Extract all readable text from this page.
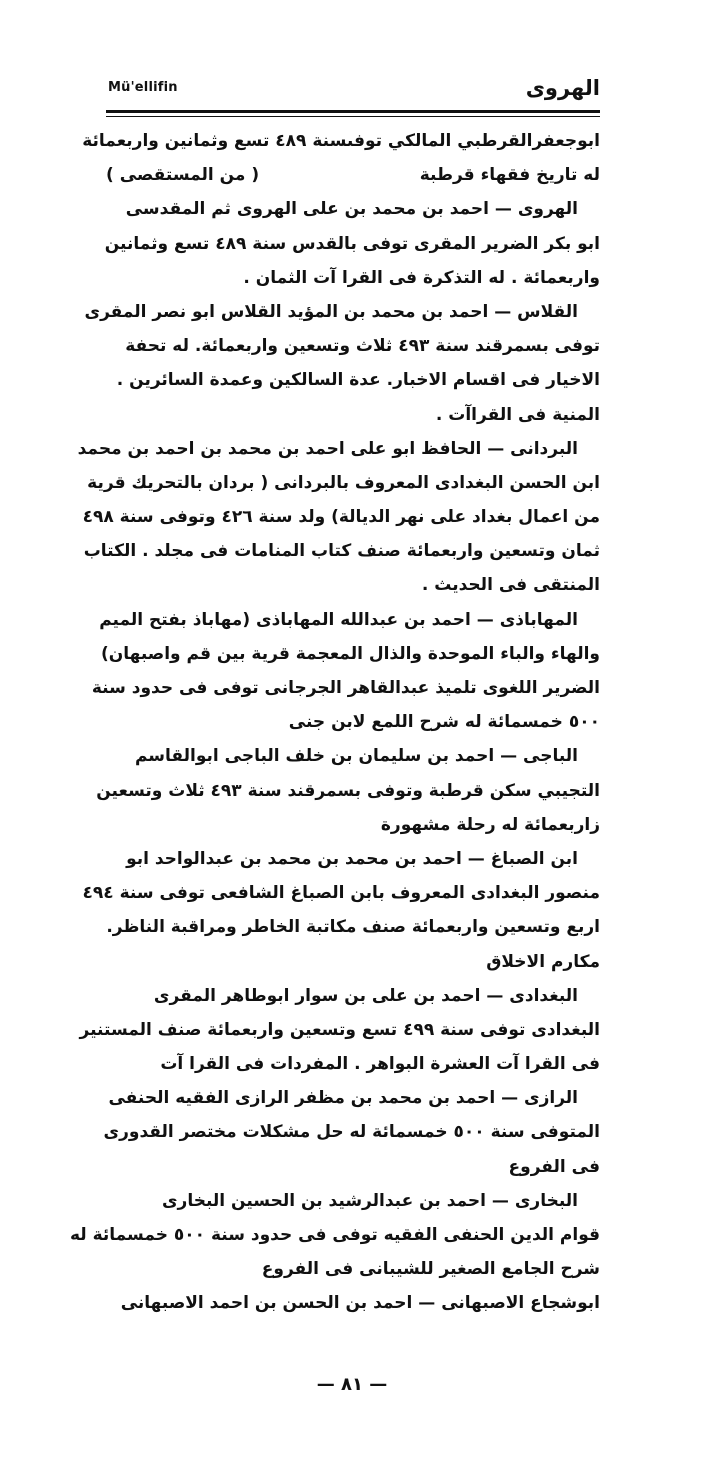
Mü'ellifin	الهروى
ابوجعفرالقرطبي المالكي توفىسنة ٤٨٩ تسع وثمانين واربعمائة
له تاريخ فقهاء قرطبة
( من المستقصى )
الهروى — احمد بن محمد بن على الهروى ثم المقدسى
ابو بكر الضرير المقرى توفى بالقدس سنة ٤٨٩ تسع وثمانين
واربعمائة . له التذكرة فى القرا آت الثمان .
القلاس — احمد بن محمد بن المؤيد القلاس ابو نصر المقرى
توفى بسمرقند سنة ٤٩٣ ثلاث وتسعين واربعمائة. له تحفة
الاخيار فى اقسام الاخبار. عدة السالكين وعمدة السائرين .
المنية فى القراآت .
البردانى — الحافظ ابو على احمد بن محمد بن احمد بن محمد
ابن الحسن البغدادى المعروف بالبردانى ( بردان بالتحريك قرية
من اعمال بغداد على نهر الديالة) ولد سنة ٤٢٦ وتوفى سنة ٤٩٨
ثمان وتسعين واربعمائة صنف كتاب المنامات فى مجلد . الكتاب
المنتقى فى الحديث .
المهاباذى — احمد بن عبدالله المهاباذى (مهاباذ بفتح الميم
والهاء والباء الموحدة والذال المعجمة قرية بين قم واصبهان)
الضرير اللغوى تلميذ عبدالقاهر الجرجانى توفى فى حدود سنة
٥٠٠ خمسمائة له شرح اللمع لابن جنى
الباجى — احمد بن سليمان بن خلف الباجى ابوالقاسم
التجيبي سكن قرطبة وتوفى بسمرقند سنة ٤٩٣ ثلاث وتسعين
زاربعمائة له رحلة مشهورة
ابن الصباغ — احمد بن محمد بن محمد بن عبدالواحد ابو
منصور البغدادى المعروف بابن الصباغ الشافعى توفى سنة ٤٩٤
اربع وتسعين واربعمائة صنف مكاتبة الخاطر ومراقبة الناظر.
مكارم الاخلاق
البغدادى — احمد بن على بن سوار ابوطاهر المقرى
البغدادى توفى سنة ٤٩٩ تسع وتسعين واربعمائة صنف المستنير
فى القرا آت العشرة البواهر . المفردات فى القرا آت
الرازى — احمد بن محمد بن مظفر الرازى الفقيه الحنفى
المتوفى سنة ٥٠٠ خمسمائة له حل مشكلات مختصر القدورى
فى الفروع
البخارى — احمد بن عبدالرشيد بن الحسين البخارى
قوام الدين الحنفى الفقيه توفى فى حدود سنة ٥٠٠ خمسمائة له
شرح الجامع الصغير للشيبانى فى الفروع
ابوشجاع الاصبهانى — احمد بن الحسن بن احمد الاصبهانى
— ٨١ —
